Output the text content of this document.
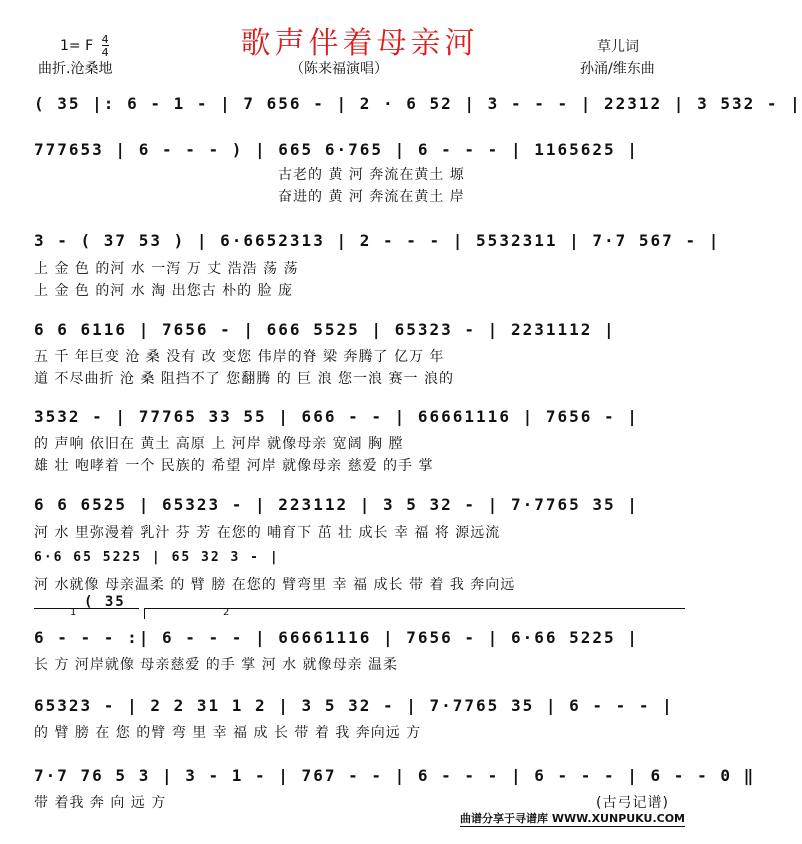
歌声伴着母亲河
1= F $\frac{4}{4}$
曲折.沧桑地	（陈来福演唱）
草儿词
孙涌/维东曲
( 35 |: 6 - 1 - | 7 656 - | 2 · 6 52 | 3 - - - | 22312 | 3 532 - |
777653 | 6 - - - ) | 665 6·765 | 6 - - - | 1165625 |
古老的 黄 河 奔流在黄土 塬
奋进的 黄 河 奔流在黄土 岸
3 - ( 37 53 ) | 6·6652313 | 2 - - - | 5532311 | 7·7 567 - |
上 金 色 的河 水 一泻 万 丈 浩浩 荡 荡
上 金 色 的河 水 淘 出您古 朴的 脸 庞
6 6 6116 | 7656 - | 666 5525 | 65323 - | 2231112 |
五 千 年巨变 沧 桑 没有 改 变您 伟岸的脊 梁 奔腾了 亿万 年
道 不尽曲折 沧 桑 阻挡不了 您翻腾 的 巨 浪 您一浪 赛一 浪的
3532 - | 77765 33 55 | 666 - - | 66661116 | 7656 - |
的 声响 依旧在 黄土 高原 上 河岸 就像母亲 宽阔 胸 膛
雄 壮 咆哮着 一个 民族的 希望 河岸 就像母亲 慈爱 的手 掌
6 6 6525 | 65323 - | 223112 | 3 5 32 - | 7·7765 35 |
河 水 里弥漫着 乳汁 芬 芳 在您的 哺育下 茁 壮 成长 幸 福 将 源远流
6·6 65 5225 | 65 32 3 - |
河 水就像 母亲温柔 的 臂 膀 在您的 臂弯里 幸 福 成长 带 着 我 奔向远
1	2
( 35
6 - - - :| 6 - - - | 66661116 | 7656 - | 6·66 5225 |
长 方 河岸就像 母亲慈爱 的手 掌 河 水 就像母亲 温柔
65323 - | 2 2 31 1 2 | 3 5 32 - | 7·7765 35 | 6 - - - |
的 臂 膀 在 您 的臂 弯 里 幸 福 成 长 带 着 我 奔向远 方
7·7 76 5 3 | 3 - 1 - | 767 - - | 6 - - - | 6 - - - | 6 - - 0 ‖
带 着我 奔 向 远 方	(古弓记谱)
曲谱分享于寻谱库 WWW.XUNPUKU.COM
